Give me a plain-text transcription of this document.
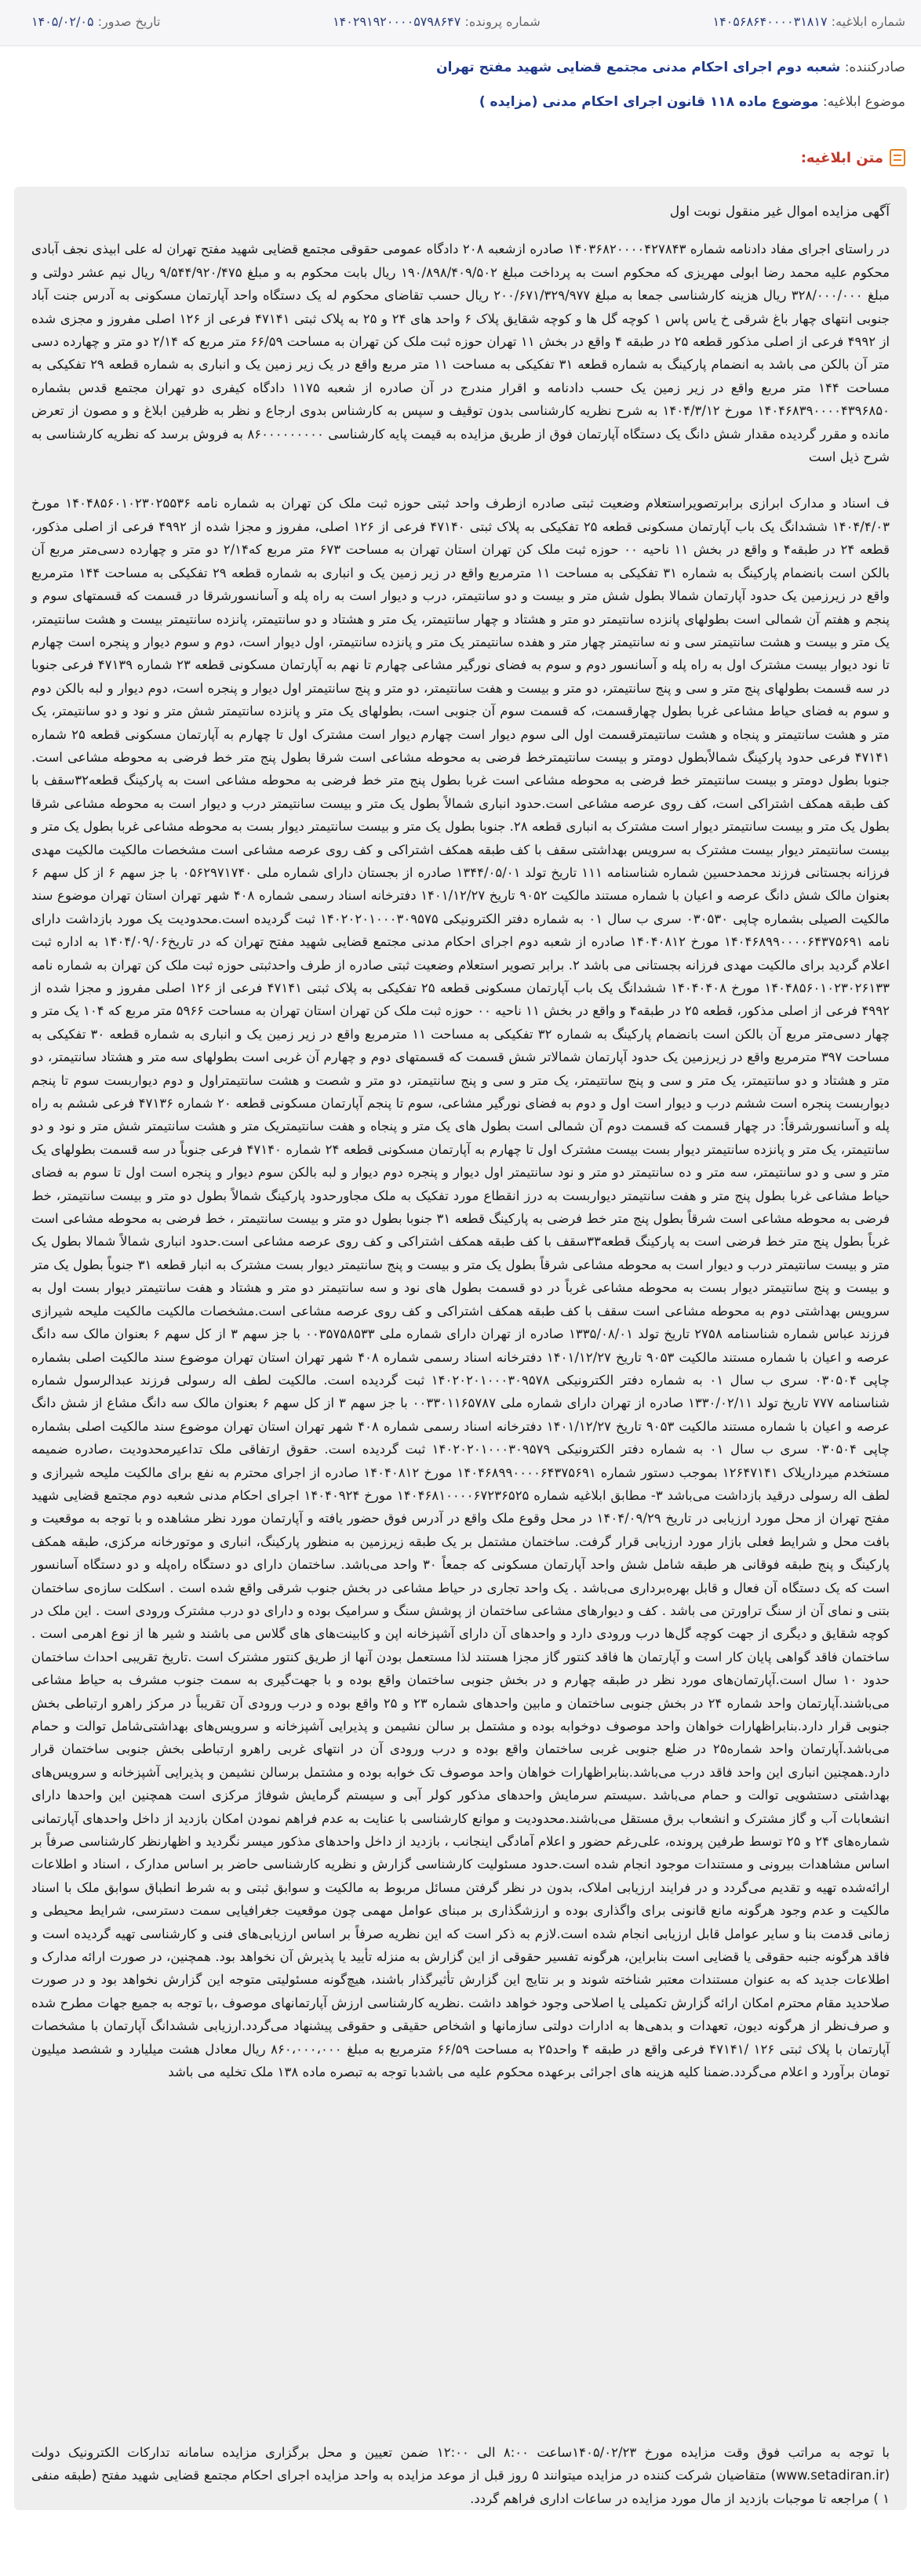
شماره ابلاغیه: ۱۴۰۵۶۸۶۴۰۰۰۰۳۱۸۱۷
شماره پرونده: ۱۴۰۲۹۱۹۲۰۰۰۰۵۷۹۸۶۴۷
تاریخ صدور: ۱۴۰۵/۰۲/۰۵
صادرکننده: شعبه دوم اجرای احکام مدنی مجتمع قضایی شهید مفتح تهران
موضوع ابلاغیه: موضوع ماده ۱۱۸ قانون اجرای احکام مدنی (مزایده )
متن ابلاغیه:
آگهی مزایده اموال غیر منقول نوبت اول

در راستای اجرای مفاد دادنامه شماره ۱۴۰۳۶۸۲۰۰۰۰۴۲۷۸۴۳ صادره ازشعبه ۲۰۸ دادگاه عمومی حقوقی مجتمع قضایی شهید مفتح تهران له علی ابیذی نجف آبادی محکوم علیه محمد رضا ابولی مهریزی که محکوم است به پرداخت مبلغ ۱۹۰/۸۹۸/۴۰۹/۵۰۲ ریال بابت محکوم به و مبلغ ۹/۵۴۴/۹۲۰/۴۷۵ ریال نیم عشر دولتی و مبلغ ۳۲۸/۰۰۰/۰۰۰ ریال هزینه کارشناسی جمعا به مبلغ ۲۰۰/۶۷۱/۳۲۹/۹۷۷ ریال حسب تقاضای محکوم له یک دستگاه واحد آپارتمان مسکونی به آدرس جنت آباد جنوبی انتهای چهار باغ شرقی خ یاس پاس ۱ کوچه گل ها و کوچه شقایق پلاک ۶ واحد های ۲۴ و ۲۵ به پلاک ثبتی ۴۷۱۴۱ فرعی از ۱۲۶ اصلی مفروز و مجزی شده از ۴۹۹۲ فرعی از اصلی مذکور قطعه ۲۵ در طبقه ۴ واقع در بخش ۱۱ تهران حوزه ثبت ملک کن تهران به مساحت ۶۶/۵۹ متر مربع که ۲/۱۴ دو متر و چهارده دسی متر آن بالکن می باشد به انضمام پارکینگ به شماره قطعه ۳۱ تفکیکی به مساحت ۱۱ متر مربع واقع در یک زیر زمین یک و انباری به شماره قطعه ۲۹ تفکیکی به مساحت ۱۴۴ متر مربع واقع در زیر زمین یک حسب دادنامه و اقرار مندرج در آن صادره از شعبه ۱۱۷۵ دادگاه کیفری دو تهران مجتمع قدس بشماره ۱۴۰۴۶۸۳۹۰۰۰۰۴۳۹۶۸۵۰ مورخ ۱۴۰۴/۳/۱۲ به شرح نظریه کارشناسی بدون توقیف و سپس به کارشناس بدوی ارجاع و نظر به ظرفین ابلاغ و و مصون از تعرض مانده و مقرر گردیده مقدار شش دانگ یک دستگاه آپارتمان فوق از طریق مزایده به قیمت پایه کارشناسی ۸۶۰۰۰۰۰۰۰۰۰ به فروش برسد که نظریه کارشناسی به شرح ذیل است

ف اسناد و مدارک ابرازی برابرتصویراستعلام وضعیت ثبتی صادره ازطرف واحد ثبتی حوزه ثبت ملک کن تهران به شماره نامه ۱۴۰۴۸۵۶۰۱۰۲۳۰۲۵۵۳۶ مورخ ۱۴۰۴/۴/۰۳ ششدانگ یک باب آپارتمان مسکونی قطعه ۲۵ تفکیکی به پلاک ثبتی ۴۷۱۴۰ فرعی از ۱۲۶ اصلی، مفروز و مجزا شده از ۴۹۹۲ فرعی از اصلی مذکور، قطعه ۲۴ در طبقه۴ و واقع در بخش ۱۱ ناحیه ۰۰ حوزه ثبت ملک کن تهران استان تهران به مساحت ۶۷۳ متر مربع که۲/۱۴ دو متر و چهارده دسی‌متر مربع آن بالکن است بانضمام پارکینگ به شماره ۳۱ تفکیکی به مساحت ۱۱ مترمربع واقع در زیر زمین یک و انباری به شماره قطعه ۲۹ تفکیکی به مساحت ۱۴۴ مترمربع واقع در زیرزمین یک حدود آپارتمان شمالا بطول شش متر و بیست و دو سانتیمتر، درب و دیوار است به راه پله و آسانسورشرقا در قسمت که قسمتهای سوم و پنجم و هفتم آن شمالی است بطولهای پانزده سانتیمتر دو متر و هشتاد و چهار سانتیمتر، یک متر و هشتاد و دو سانتیمتر، پانزده سانتیمتر بیست و هشت سانتیمتر، یک متر و بیست و هشت سانتیمتر سی و نه سانتیمتر چهار متر و هفده سانتیمتر یک متر و پانزده سانتیمتر، اول دیوار است، دوم و سوم دیوار و پنجره است چهارم تا نود دیوار بیست مشترک اول به راه پله و آسانسور دوم و سوم به فضای نورگیر مشاعی چهارم تا نهم به آپارتمان مسکونی قطعه ۲۳ شماره ۴۷۱۳۹ فرعی جنوبا در سه قسمت بطولهای پنج متر و سی و پنج سانتیمتر، دو متر و بیست و هفت سانتیمتر، دو متر و پنج سانتیمتر اول دیوار و پنجره است، دوم دیوار و لبه بالکن دوم و سوم به فضای حیاط مشاعی غربا بطول چهارقسمت، که قسمت سوم آن جنوبی است، بطولهای یک متر و پانزده سانتیمتر شش متر و نود و دو سانتیمتر، یک متر و هشت سانتیمتر و پنجاه و هشت سانتیمترقسمت اول الی سوم دیوار است چهارم دیوار است مشترک اول تا چهارم به آپارتمان مسکونی قطعه ۲۵ شماره ۴۷۱۴۱ فرعی حدود پارکینگ شمالاًبطول دومتر و بیست سانتیمترخط فرضی به محوطه مشاعی است شرقا بطول پنج متر خط فرضی به محوطه مشاعی است. جنوبا بطول دومتر و بیست سانتیمتر خط فرضی به محوطه مشاعی است غربا بطول پنج متر خط فرضی به محوطه مشاعی است به پارکینگ قطعه۳۲سقف با کف طبقه همکف اشتراکی است، کف روی عرصه مشاعی است.حدود انباری شمالاً بطول یک متر و بیست سانتیمتر درب و دیوار است به محوطه مشاعی شرقا بطول یک متر و بیست سانتیمتر دیوار است مشترک به انباری قطعه ۲۸. جنوبا بطول یک متر و بیست سانتیمتر دیوار بست به محوطه مشاعی غربا بطول یک متر و بیست سانتیمتر دیوار بیست مشترک به سرویس بهداشتی سقف با کف طبقه همکف اشتراکی و کف روی عرصه مشاعی است مشخصات مالکیت مالکیت مهدی فرزانه بجستانی فرزند محمدحسین شماره شناسنامه ۱۱۱ تاریخ تولد ۱۳۴۴/۰۵/۰۱ صادره از بجستان دارای شماره ملی ۰۵۶۲۹۷۱۷۴۰ با جز سهم ۶ از کل سهم ۶ بعنوان مالک شش دانگ عرصه و اعیان با شماره مستند مالکیت ۹۰۵۲ تاریخ ۱۴۰۱/۱۲/۲۷ دفترخانه اسناد رسمی شماره ۴۰۸ شهر تهران استان تهران موضوع سند مالکیت الصیلی بشماره چاپی ۰۳۰۵۳۰ سری ب سال ۰۱ به شماره دفتر الکترونیکی ۱۴۰۲۰۲۰۱۰۰۰۳۰۹۵۷۵ ثبت گردیده است.محدودیت یک مورد بازداشت دارای نامه ۱۴۰۴۶۸۹۹۰۰۰۰۶۴۳۷۵۶۹۱ مورخ ۱۴۰۴۰۸۱۲ صادره از شعبه دوم اجرای احکام مدنی مجتمع قضایی شهید مفتح تهران که در تاریخ۱۴۰۴/۰۹/۰۶ به اداره ثبت اعلام گردید برای مالکیت مهدی فرزانه بجستانی می باشد ۲. برابر تصویر استعلام وضعیت ثبتی صادره از طرف واحدثبتی حوزه ثبت ملک کن تهران به شماره نامه ۱۴۰۴۸۵۶۰۱۰۲۳۰۲۶۱۳۳ مورخ ۱۴۰۴۰۴۰۸ ششدانگ یک باب آپارتمان مسکونی قطعه ۲۵ تفکیکی به پلاک ثبتی ۴۷۱۴۱ فرعی از ۱۲۶ اصلی مفروز و مجزا شده از ۴۹۹۲ فرعی از اصلی مذکور، قطعه ۲۵ در طبقه۴ و واقع در بخش ۱۱ ناحیه ۰۰ حوزه ثبت ملک کن تهران استان تهران به مساحت ۵۹۶۶ متر مربع که ۱۰۴ یک متر و چهار دسی‌متر مربع آن بالکن است بانضمام پارکینگ به شماره ۳۲ تفکیکی به مساحت ۱۱ مترمربع واقع در زیر زمین یک و انباری به شماره قطعه ۳۰ تفکیکی به مساحت ۳۹۷ مترمربع واقع در زیرزمین یک حدود آپارتمان شمالاتر شش قسمت که قسمتهای دوم و چهارم آن غربی است بطولهای سه متر و هشتاد سانتیمتر، دو متر و هشتاد و دو سانتیمتر، یک متر و سی و پنج سانتیمتر، یک متر و سی و پنج سانتیمتر، دو متر و شصت و هشت سانتیمتراول و دوم دیواربست سوم تا پنجم دیواربست پنجره است ششم درب و دیوار است اول و دوم به فضای نورگیر مشاعی، سوم تا پنجم آپارتمان مسکونی قطعه ۲۰ شماره ۴۷۱۳۶ فرعی ششم به راه پله و آسانسورشرقاً: در چهار قسمت که قسمت دوم آن شمالی است بطول های یک متر و پنجاه و هفت سانتیمتریک متر و هشت سانتیمتر شش متر و نود و دو سانتیمتر، یک متر و پانزده سانتیمتر دیوار بست بیست مشترک اول تا چهارم به آپارتمان مسکونی قطعه ۲۴ شماره ۴۷۱۴۰ فرعی جنوباً در سه قسمت بطولهای یک متر و سی و دو سانتیمتر، سه متر و ده سانتیمتر دو متر و نود سانتیمتر اول دیوار و پنجره دوم دیوار و لبه بالکن سوم دیوار و پنجره است اول تا سوم به فضای حیاط مشاعی غربا بطول پنج متر و هفت سانتیمتر دیواربست به درز انقطاع مورد تفکیک به ملک مجاورحدود پارکینگ شمالاً بطول دو متر و بیست سانتیمتر، خط فرضی به محوطه مشاعی است شرقاً بطول پنج متر خط فرضی به پارکینگ قطعه ۳۱ جنوبا بطول دو متر و بیست سانتیمتر ، خط فرضی به محوطه مشاعی است غرباً بطول پنج متر خط فرضی است به پارکینگ قطعه۳۳سقف با کف طبقه همکف اشتراکی و کف روی عرصه مشاعی است.حدود انباری شمالاً شمالا بطول یک متر و بیست سانتیمتر درب و دیوار است به محوطه مشاعی شرقاً بطول یک متر و بیست و پنج سانتیمتر دیوار بست مشترک به انبار قطعه ۳۱ جنوباً بطول یک متر و بیست و پنج سانتیمتر دیوار بست به محوطه مشاعی غرباً در دو قسمت بطول های نود و سه سانتیمتر دو متر و هشتاد و هفت سانتیمتر دیوار بست اول به سرویس بهداشتی دوم به محوطه مشاعی است سقف با کف طبقه همکف اشتراکی و کف روی عرصه مشاعی است.مشخصات مالکیت مالکیت ملیحه شیرازی فرزند عباس شماره شناسنامه ۲۷۵۸ تاریخ تولد ۱۳۳۵/۰۸/۰۱ صادره از تهران دارای شماره ملی ۰۰۳۵۷۵۸۵۳۳ با جز سهم ۳ از کل سهم ۶ بعنوان مالک سه دانگ عرصه و اعیان با شماره مستند مالکیت ۹۰۵۳ تاریخ ۱۴۰۱/۱۲/۲۷ دفترخانه اسناد رسمی شماره ۴۰۸ شهر تهران استان تهران موضوع سند مالکیت اصلی بشماره چاپی ۰۳۰۵۰۴ سری ب سال ۰۱ به شماره دفتر الکترونیکی ۱۴۰۲۰۲۰۱۰۰۰۳۰۹۵۷۸ ثبت گردیده است. مالکیت لطف اله رسولی فرزند عبدالرسول شماره شناسنامه ۷۷۷ تاریخ تولد ۱۳۳۰/۰۲/۱۱ صادره از تهران دارای شماره ملی ۰۰۳۳۰۱۱۶۵۷۸۷ با جز سهم ۳ از کل سهم ۶ بعنوان مالک سه دانگ مشاع از شش دانگ عرصه و اعیان با شماره مستند مالکیت ۹۰۵۳ تاریخ ۱۴۰۱/۱۲/۲۷ دفترخانه اسناد رسمی شماره ۴۰۸ شهر تهران استان تهران موضوع سند مالکیت اصلی بشماره چاپی ۰۳۰۵۰۴ سری ب سال ۰۱ به شماره دفتر الکترونیکی ۱۴۰۲۰۲۰۱۰۰۰۳۰۹۵۷۹ ثبت گردیده است. حقوق ارتفاقی ملک تداعیرمحدودیت ،صادره ضمیمه مستخدم میرداریلاک ۱۲۶۴۷۱۴۱ بموجب دستور شماره ۱۴۰۴۶۸۹۹۰۰۰۰۶۴۳۷۵۶۹۱ مورخ ۱۴۰۴۰۸۱۲ صادره از اجرای محترم به نفع برای مالکیت ملیحه شیرازی و لطف اله رسولی درقید بازداشت می‌باشد ۳- مطابق ابلاغیه شماره ۱۴۰۴۶۸۱۰۰۰۰۶۷۲۳۶۵۲۵ مورخ ۱۴۰۴۰۹۲۴ اجرای احکام مدنی شعبه دوم مجتمع قضایی شهید مفتح تهران از محل مورد ارزیابی در تاریخ ۱۴۰۴/۰۹/۲۹ در محل وقوع ملک واقع در آدرس فوق حضور یافته و آپارتمان مورد نظر مشاهده و با توجه به موقعیت و بافت محل و شرایط فعلی بازار مورد ارزیابی قرار گرفت. ساختمان مشتمل بر یک طبقه زیرزمین به منظور پارکینگ، انباری و موتورخانه مرکزی، طبقه همکف پارکینگ و پنج طبقه فوقانی هر طبقه شامل شش واحد آپارتمان مسکونی که جمعاً ۳۰ واحد می‌باشد. ساختمان دارای دو دستگاه راه‌پله و دو دستگاه آسانسور است که یک دستگاه آن فعال و قابل بهره‌برداری می‌باشد . یک واحد تجاری در حیاط مشاعی در بخش جنوب شرقی واقع شده است . اسکلت سازه‌ی ساختمان بتنی و نمای آن از سنگ تراورتن می باشد . کف و دیوارهای مشاعی ساختمان از پوشش سنگ و سرامیک بوده و دارای دو درب مشترک ورودی است . این ملک در کوچه شقایق و دیگری از جهت کوچه گل‌ها درب ورودی دارد و واحدهای آن دارای آشپزخانه اپن و کابینت‌های های گلاس می باشند و شیر ها از نوع اهرمی است . ساختمان فاقد گواهی پایان کار است و آپارتمان ها فاقد کنتور گاز مجزا هستند لذا مستعمل بودن آنها از طریق کنتور مشترک است .تاریخ تقریبی احداث ساختمان حدود ۱۰ سال است.آپارتمان‌های مورد نظر در طبقه چهارم و در بخش جنوبی ساختمان واقع بوده و با جهت‌گیری به سمت جنوب مشرف به حیاط مشاعی می‌باشند.آپارتمان واحد شماره ۲۴ در بخش جنوبی ساختمان و مابین واحدهای شماره ۲۳ و ۲۵ واقع بوده و درب ورودی آن تقریباً در مرکز راهرو ارتباطی بخش جنوبی قرار دارد.بنابراظهارات خواهان واحد موصوف دوخوابه بوده و مشتمل بر سالن نشیمن و پذیرایی آشپزخانه و سرویس‌های بهداشتی‌شامل توالت و حمام می‌باشد.آپارتمان واحد شماره۲۵ در ضلع جنوبی‌ غربی ساختمان واقع بوده و درب ورودی آن در انتهای غربی راهرو ارتباطی بخش جنوبی ساختمان قرار دارد.همچنین انباری این واحد فاقد درب می‌باشد.بنابراظهارات خواهان واحد موصوف تک خوابه بوده و مشتمل برسالن نشیمن و پذیرایی آشپزخانه و سرویس‌های بهداشتی دستشویی توالت و حمام می‌باشد .سیستم سرمایش واحدهای مذکور کولر آبی و سیستم گرمایش شوفاژ مرکزی است همچنین این واحدها دارای انشعابات آب و گاز مشترک و انشعاب برق مستقل می‌باشند.محدودیت و موانع کارشناسی با عنایت به عدم فراهم نمودن امکان بازدید از داخل واحدهای آپارتمانی شماره‌های ۲۴ و ۲۵ توسط طرفین پرونده، علی‌رغم حضور و اعلام آمادگی اینجانب ، بازدید از داخل واحدهای مذکور میسر نگردید و اظهارنظر کارشناسی صرفاً بر اساس مشاهدات بیرونی و مستندات موجود انجام شده است.حدود مسئولیت کارشناسی گزارش و نظریه کارشناسی حاضر بر اساس مدارک ، اسناد و اطلاعات ارائه‌شده تهیه و تقدیم می‌گردد و در فرایند ارزیابی املاک، بدون در نظر گرفتن مسائل مربوط به مالکیت و سوابق ثبتی و به شرط انطباق سوابق ملک با اسناد مالکیت و عدم وجود هرگونه مانع قانونی برای واگذاری بوده و ارزشگذاری بر مبنای عوامل مهمی چون موقعیت جغرافیایی سمت دسترسی، شرایط محیطی و زمانی قدمت بنا و سایر عوامل قابل ارزیابی انجام شده است.لازم به ذکر است که این نظریه صرفاً بر اساس ارزیابی‌های فنی و کارشناسی تهیه گردیده است و فاقد هرگونه جنبه حقوقی یا قضایی است بنابراین، هرگونه تفسیر حقوقی از این گزارش به منزله تأیید یا پذیرش آن نخواهد بود. همچنین، در صورت ارائه مدارک و اطلاعات جدید که به عنوان مستندات معتبر شناخته شوند و بر نتایج این گزارش تأثیرگذار باشند، هیچ‌گونه مسئولیتی متوجه این گزارش نخواهد بود و در صورت صلاحدید مقام محترم امکان ارائه گزارش تکمیلی یا اصلاحی وجود خواهد داشت .نظریه کارشناسی ارزش آپارتمانهای موصوف ،با توجه به جمیع جهات مطرح شده و صرف‌نظر از هرگونه دیون، تعهدات و بدهی‌ها به ادارات دولتی سازمانها و اشخاص حقیقی و حقوقی پیشنهاد می‌گردد.ارزیابی ششدانگ آپارتمان با مشخصات آپارتمان با پلاک ثبتی ۱۲۶ /۴۷۱۴۱ فرعی واقع در طبقه ۴ واحد۲۵ به مساحت ۶۶/۵۹ مترمربع به مبلغ ۸۶۰،۰۰۰،۰۰۰ ریال معادل هشت میلیارد و ششصد میلیون تومان برآورد و اعلام می‌گردد.ضمنا کلیه هزینه های اجرائی برعهده محکوم علیه می باشدبا توجه به تبصره ماده ۱۳۸ ملک تخلیه می باشد

با توجه به مراتب فوق وقت مزایده مورخ ۱۴۰۵/۰۲/۲۳ساعت ۸:۰۰ الی ۱۲:۰۰ ضمن تعیین و محل برگزاری مزایده سامانه تدارکات الکترونیک دولت (www.setadiran.ir) متقاضیان شرکت کننده در مزایده میتوانند ۵ روز قبل از موعد مزایده به واحد مزایده اجرای احکام مجتمع قضایی شهید مفتح (طبقه منفی ۱ ) مراجعه تا موجبات بازدید از مال مورد مزایده در ساعات اداری فراهم گردد.
